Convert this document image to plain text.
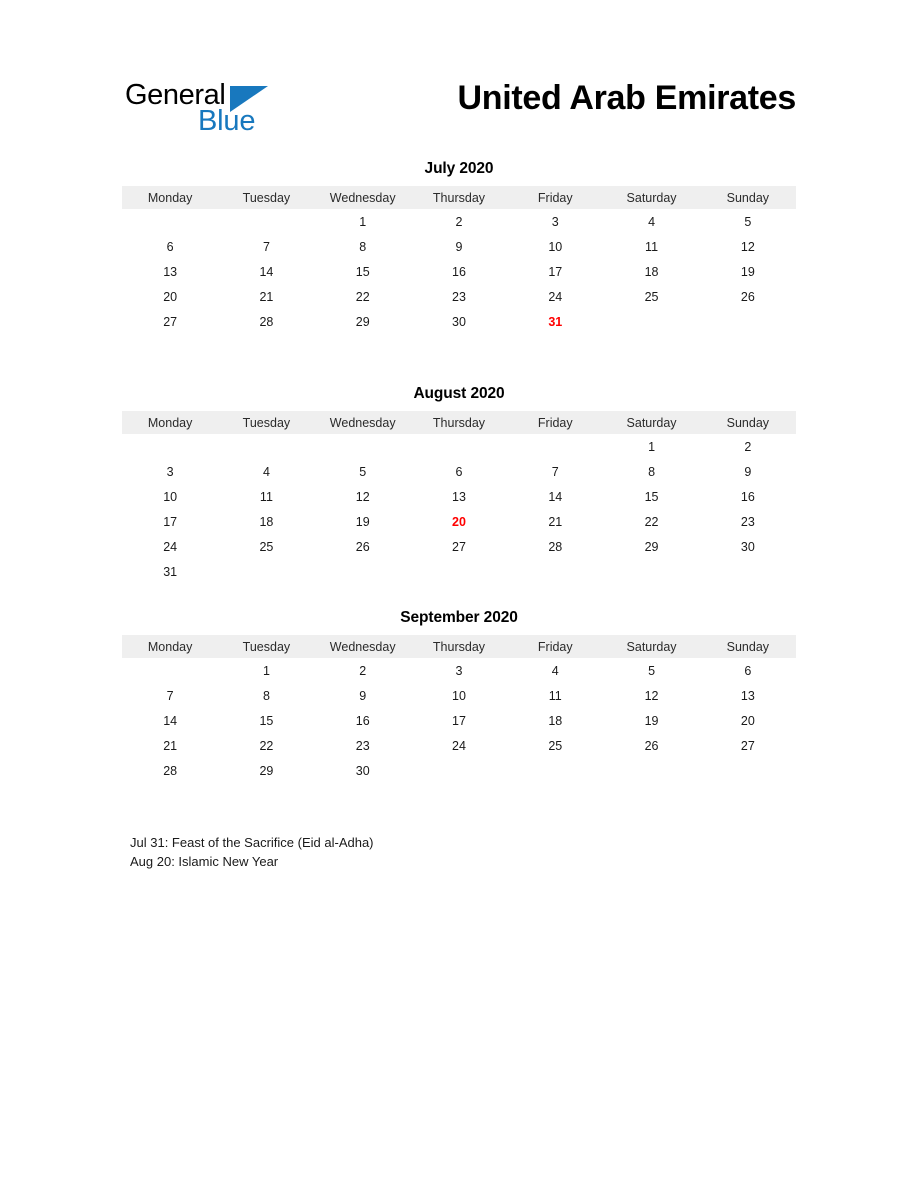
General
Blue
United Arab Emirates
July 2020
Monday	Tuesday	Wednesday	Thursday	Friday	Saturday	Sunday
		1	2	3	4	5
6	7	8	9	10	11	12
13	14	15	16	17	18	19
20	21	22	23	24	25	26
27	28	29	30	31		
August 2020
Monday	Tuesday	Wednesday	Thursday	Friday	Saturday	Sunday
					1	2
3	4	5	6	7	8	9
10	11	12	13	14	15	16
17	18	19	20	21	22	23
24	25	26	27	28	29	30
31						
September 2020
Monday	Tuesday	Wednesday	Thursday	Friday	Saturday	Sunday
	1	2	3	4	5	6
7	8	9	10	11	12	13
14	15	16	17	18	19	20
21	22	23	24	25	26	27
28	29	30				
Jul 31: Feast of the Sacrifice (Eid al-Adha)
Aug 20: Islamic New Year
